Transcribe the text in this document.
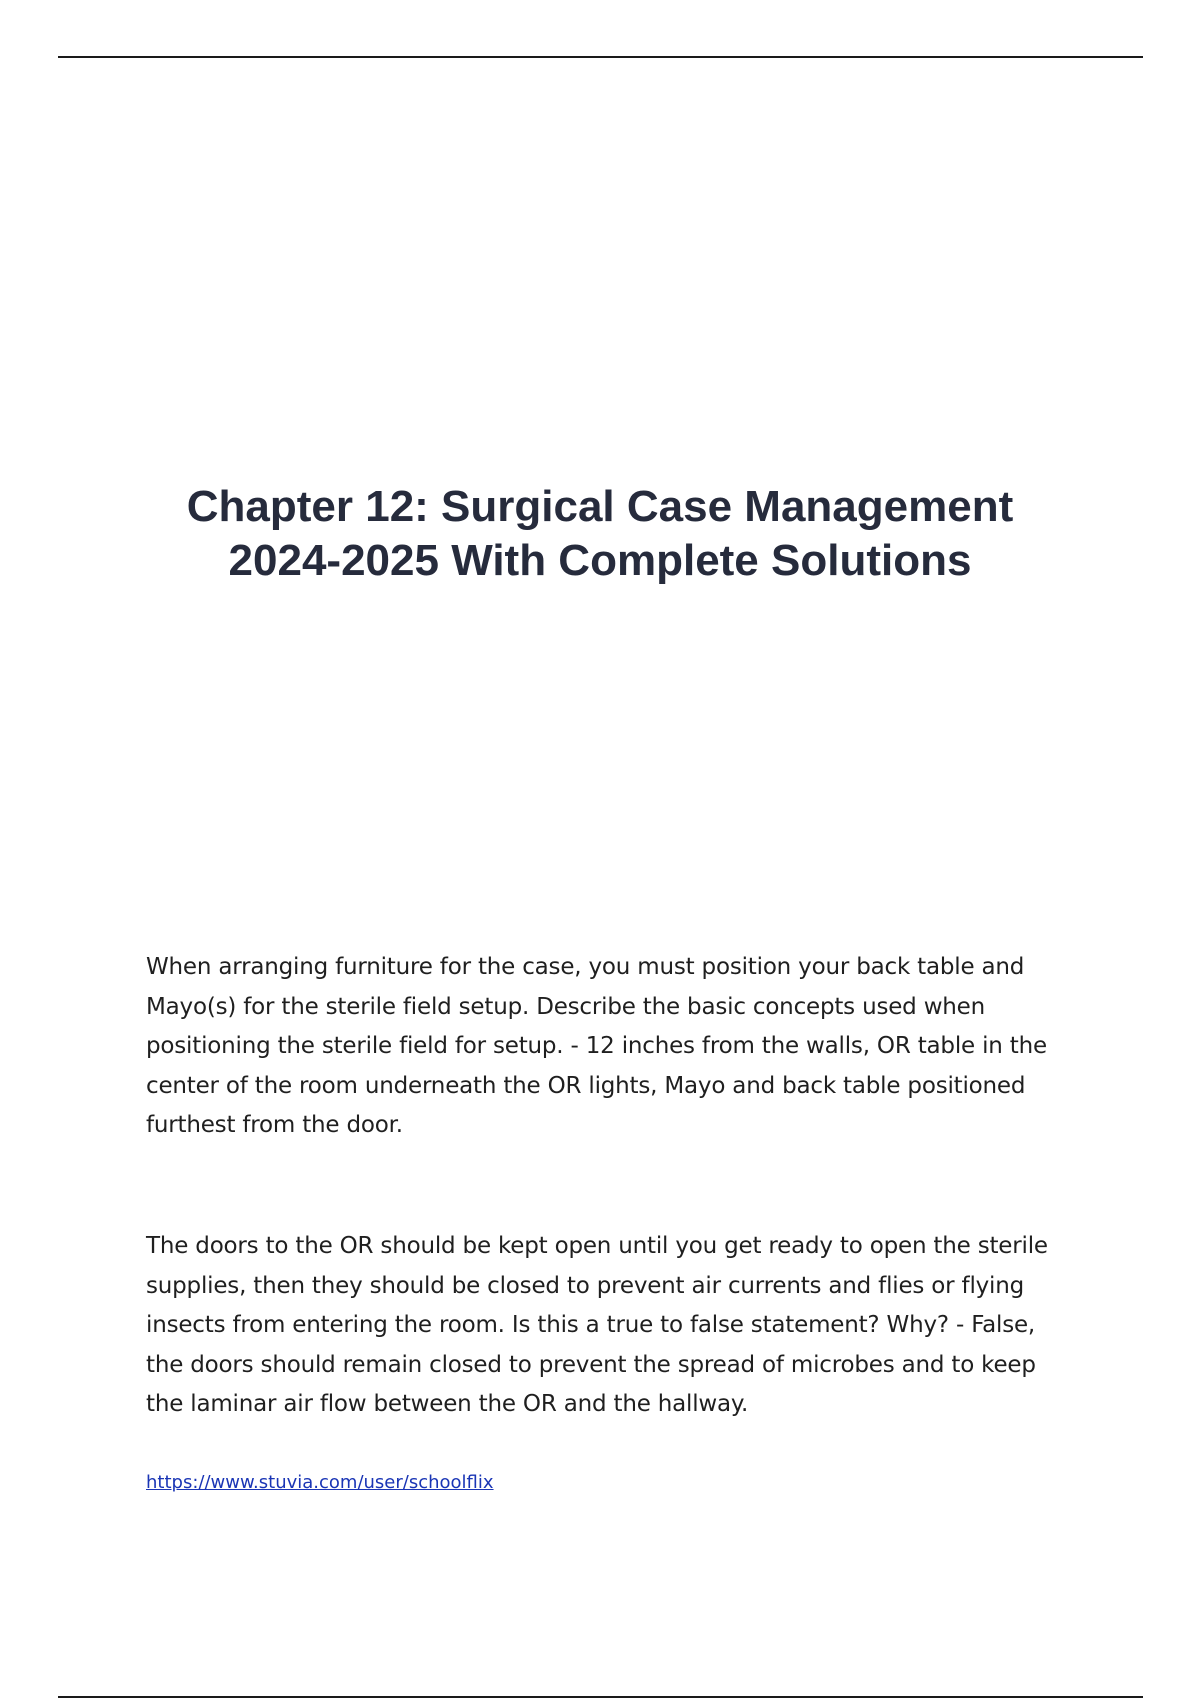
Chapter 12: Surgical Case Management
2024-2025 With Complete Solutions

When arranging furniture for the case, you must position your back table and Mayo(s) for the sterile field setup. Describe the basic concepts used when positioning the sterile field for setup. - 12 inches from the walls, OR table in the center of the room underneath the OR lights, Mayo and back table positioned furthest from the door.

The doors to the OR should be kept open until you get ready to open the sterile supplies, then they should be closed to prevent air currents and flies or flying insects from entering the room. Is this a true to false statement? Why? - False, the doors should remain closed to prevent the spread of microbes and to keep the laminar air flow between the OR and the hallway.

https://www.stuvia.com/user/schoolflix
